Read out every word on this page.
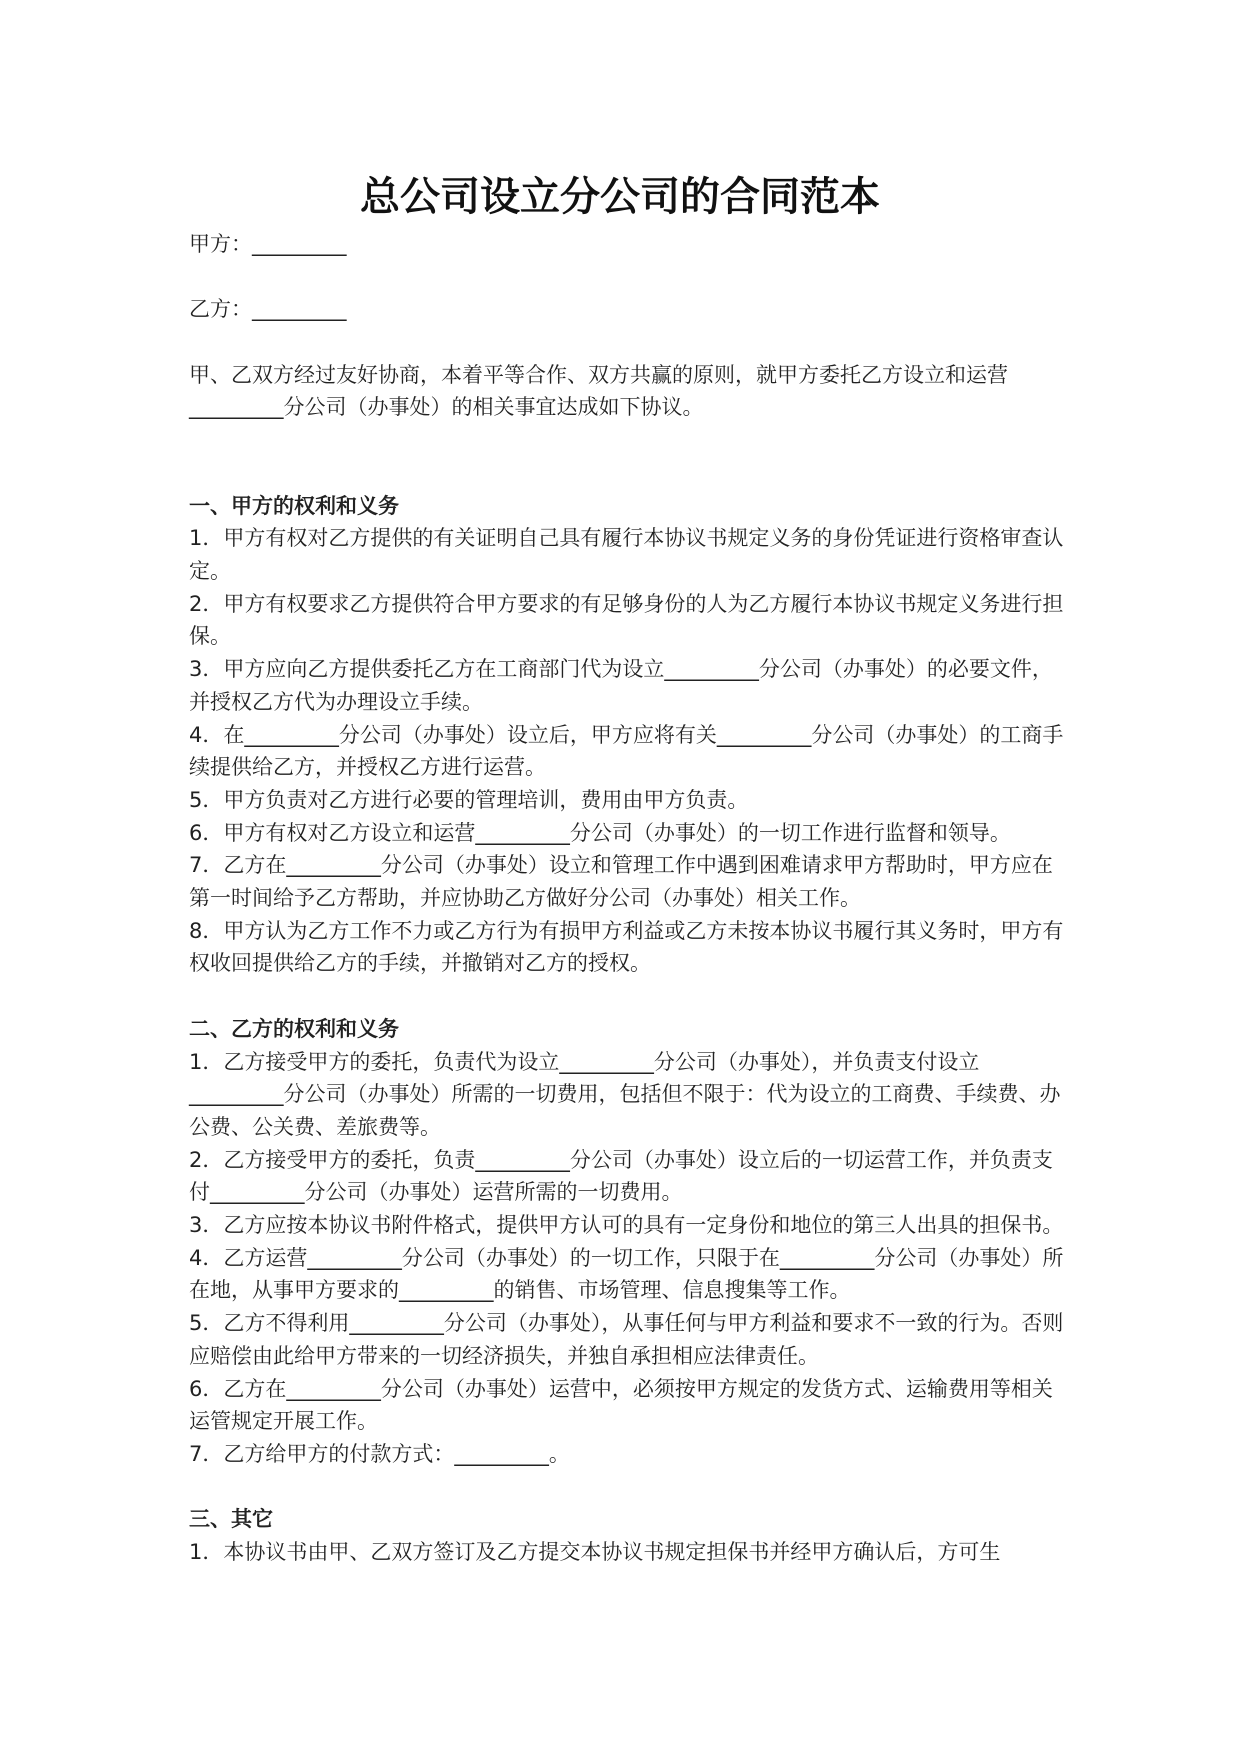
总公司设立分公司的合同范本

甲方：_________

乙方：_________

甲、乙双方经过友好协商，本着平等合作、双方共赢的原则，就甲方委托乙方设立和运营_________分公司（办事处）的相关事宜达成如下协议。

一、甲方的权利和义务

1．甲方有权对乙方提供的有关证明自己具有履行本协议书规定义务的身份凭证进行资格审查认定。

2．甲方有权要求乙方提供符合甲方要求的有足够身份的人为乙方履行本协议书规定义务进行担保。

3．甲方应向乙方提供委托乙方在工商部门代为设立_________分公司（办事处）的必要文件，并授权乙方代为办理设立手续。

4．在_________分公司（办事处）设立后，甲方应将有关_________分公司（办事处）的工商手续提供给乙方，并授权乙方进行运营。

5．甲方负责对乙方进行必要的管理培训，费用由甲方负责。

6．甲方有权对乙方设立和运营_________分公司（办事处）的一切工作进行监督和领导。

7．乙方在_________分公司（办事处）设立和管理工作中遇到困难请求甲方帮助时，甲方应在第一时间给予乙方帮助，并应协助乙方做好分公司（办事处）相关工作。

8．甲方认为乙方工作不力或乙方行为有损甲方利益或乙方未按本协议书履行其义务时，甲方有权收回提供给乙方的手续，并撤销对乙方的授权。

二、乙方的权利和义务

1．乙方接受甲方的委托，负责代为设立_________分公司（办事处），并负责支付设立_________分公司（办事处）所需的一切费用，包括但不限于：代为设立的工商费、手续费、办公费、公关费、差旅费等。

2．乙方接受甲方的委托，负责_________分公司（办事处）设立后的一切运营工作，并负责支付_________分公司（办事处）运营所需的一切费用。

3．乙方应按本协议书附件格式，提供甲方认可的具有一定身份和地位的第三人出具的担保书。

4．乙方运营_________分公司（办事处）的一切工作，只限于在_________分公司（办事处）所在地，从事甲方要求的_________的销售、市场管理、信息搜集等工作。

5．乙方不得利用_________分公司（办事处），从事任何与甲方利益和要求不一致的行为。否则应赔偿由此给甲方带来的一切经济损失，并独自承担相应法律责任。

6．乙方在_________分公司（办事处）运营中，必须按甲方规定的发货方式、运输费用等相关运管规定开展工作。

7．乙方给甲方的付款方式：_________。

三、其它

1．本协议书由甲、乙双方签订及乙方提交本协议书规定担保书并经甲方确认后，方可生
